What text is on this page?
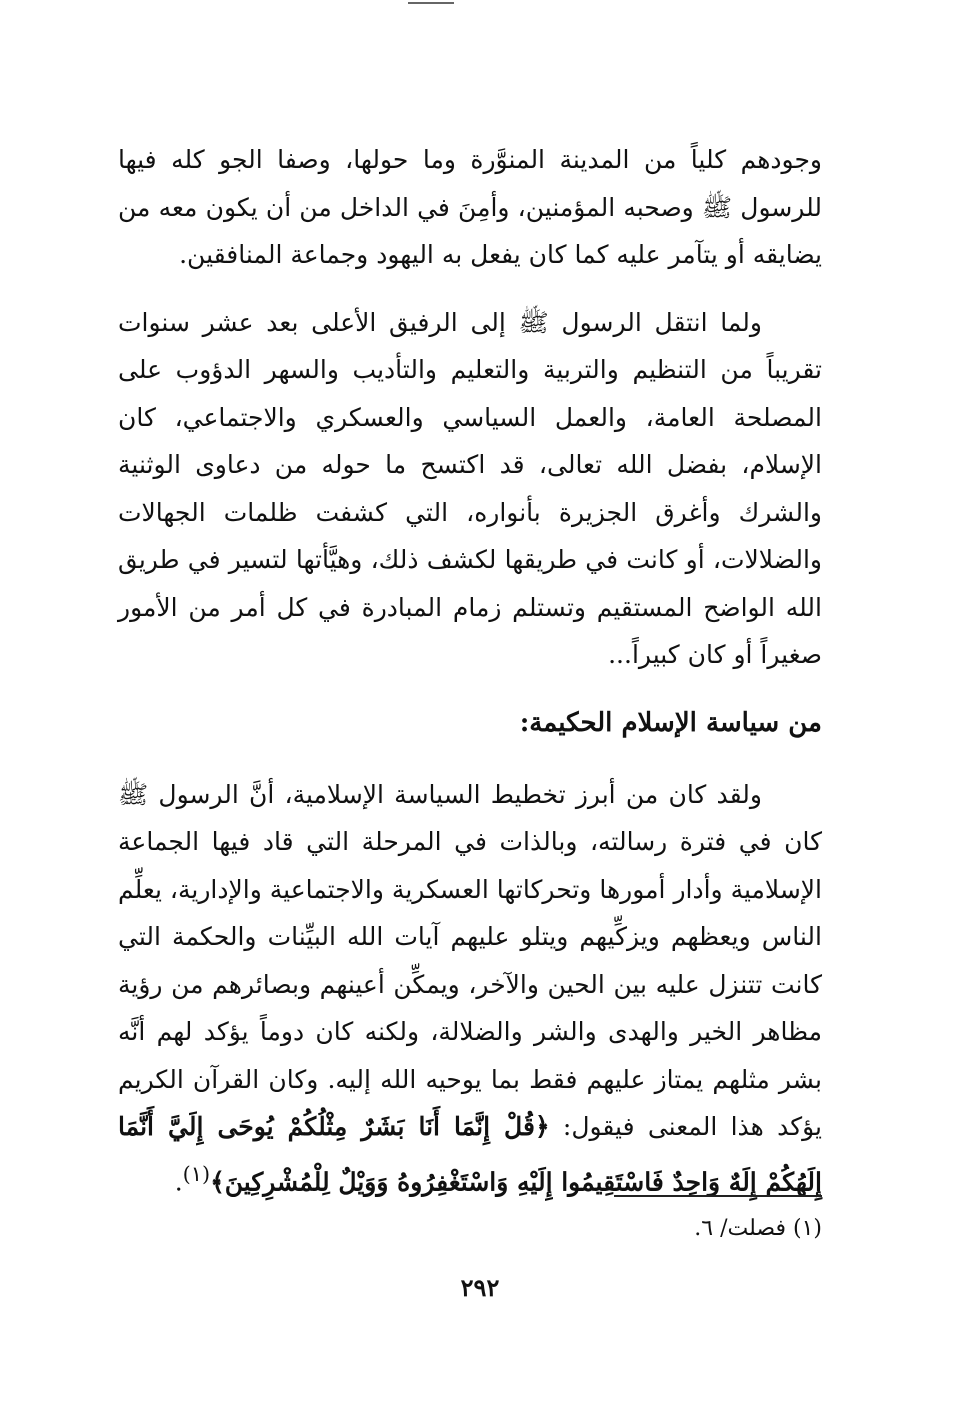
وجودهم كلياً من المدينة المنوَّرة وما حولها، وصفا الجو كله فيها للرسول ﷺ وصحبه المؤمنين، وأمِنَ في الداخل من أن يكون معه من يضايقه أو يتآمر عليه كما كان يفعل به اليهود وجماعة المنافقين.

ولما انتقل الرسول ﷺ إلى الرفيق الأعلى بعد عشر سنوات تقريباً من التنظيم والتربية والتعليم والتأديب والسهر الدؤوب على المصلحة العامة، والعمل السياسي والعسكري والاجتماعي، كان الإسلام، بفضل الله تعالى، قد اكتسح ما حوله من دعاوى الوثنية والشرك وأغرق الجزيرة بأنواره، التي كشفت ظلمات الجهالات والضلالات، أو كانت في طريقها لكشف ذلك، وهيَّأتها لتسير في طريق الله الواضح المستقيم وتستلم زمام المبادرة في كل أمر من الأمور صغيراً أو كان كبيراً...

من سياسة الإسلام الحكيمة:

ولقد كان من أبرز تخطيط السياسة الإسلامية، أنَّ الرسول ﷺ كان في فترة رسالته، وبالذات في المرحلة التي قاد فيها الجماعة الإسلامية وأدار أمورها وتحركاتها العسكرية والاجتماعية والإدارية، يعلِّم الناس ويعظهم ويزكِّيهم ويتلو عليهم آيات الله البيِّنات والحكمة التي كانت تتنزل عليه بين الحين والآخر، ويمكِّن أعينهم وبصائرهم من رؤية مظاهر الخير والهدى والشر والضلالة، ولكنه كان دوماً يؤكد لهم أنَّه بشر مثلهم يمتاز عليهم فقط بما يوحيه الله إليه. وكان القرآن الكريم يؤكد هذا المعنى فيقول: ﴿قُلْ إِنَّمَا أَنَا بَشَرٌ مِثْلُكُمْ يُوحَى إِلَيَّ أَنَّمَا إِلَهُكُمْ إِلَهٌ وَاحِدٌ فَاسْتَقِيمُوا إِلَيْهِ وَاسْتَغْفِرُوهُ وَوَيْلٌ لِلْمُشْرِكِينَ﴾$^{(١)}$.

(١) فصلت/ ٦.
٢٩٢
